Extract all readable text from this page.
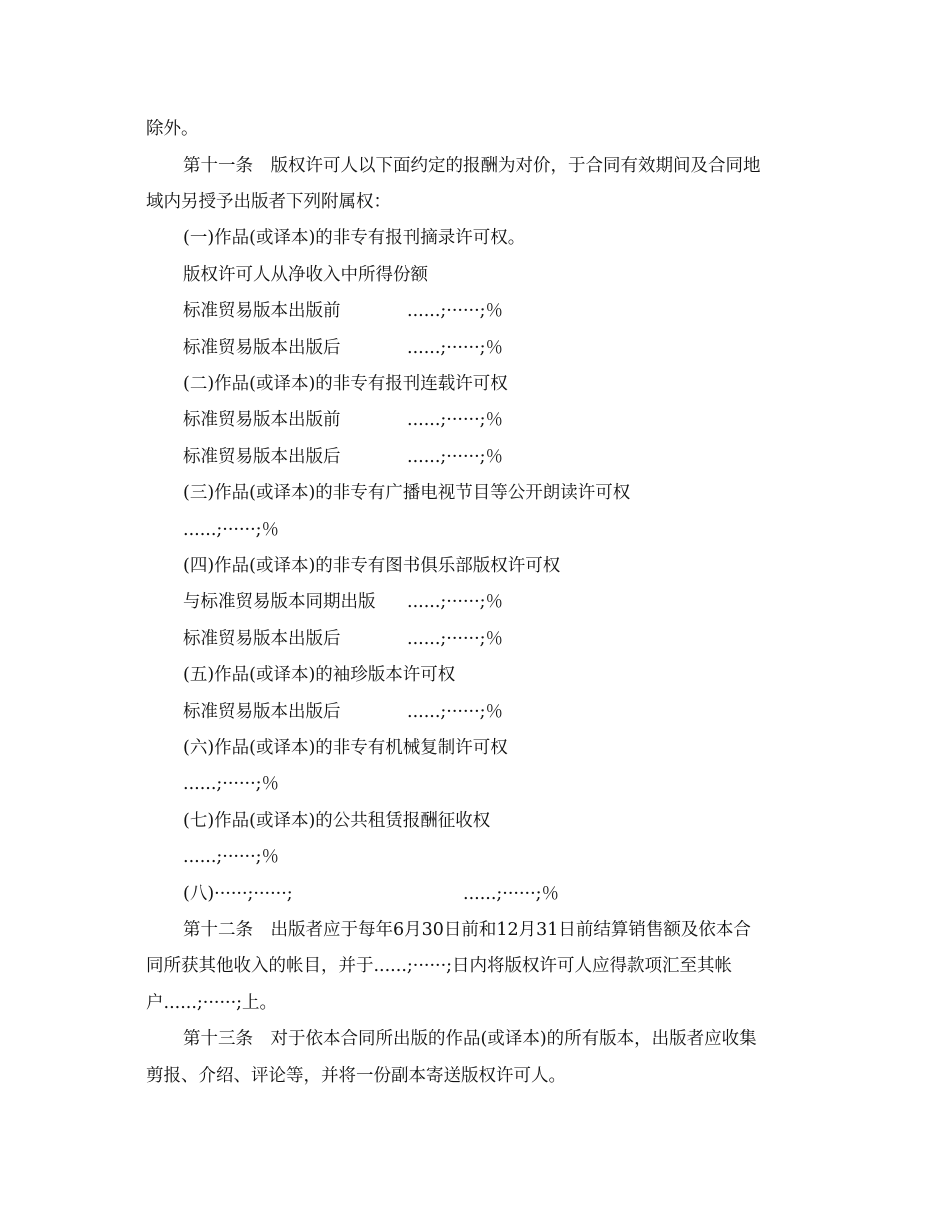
除外。
第十一条　版权许可人以下面约定的报酬为对价，于合同有效期间及合同地
域内另授予出版者下列附属权：
(一)作品(或译本)的非专有报刊摘录许可权。
版权许可人从净收入中所得份额
标准贸易版本出版前	......;······;％
标准贸易版本出版后	......;······;％
(二)作品(或译本)的非专有报刊连载许可权
标准贸易版本出版前	......;······;％
标准贸易版本出版后	......;······;％
(三)作品(或译本)的非专有广播电视节目等公开朗读许可权
......;······;％
(四)作品(或译本)的非专有图书俱乐部版权许可权
与标准贸易版本同期出版 ......;······;％
标准贸易版本出版后	......;······;％
(五)作品(或译本)的袖珍版本许可权
标准贸易版本出版后	......;······;％
(六)作品(或译本)的非专有机械复制许可权
......;······;％
(七)作品(或译本)的公共租赁报酬征收权
......;······;％
(八)······;······;	......;······;％
第十二条　出版者应于每年6月30日前和12月31日前结算销售额及依本合
同所获其他收入的帐目，并于......;······;日内将版权许可人应得款项汇至其帐
户......;······;上。
第十三条　对于依本合同所出版的作品(或译本)的所有版本，出版者应收集
剪报、介绍、评论等，并将一份副本寄送版权许可人。
